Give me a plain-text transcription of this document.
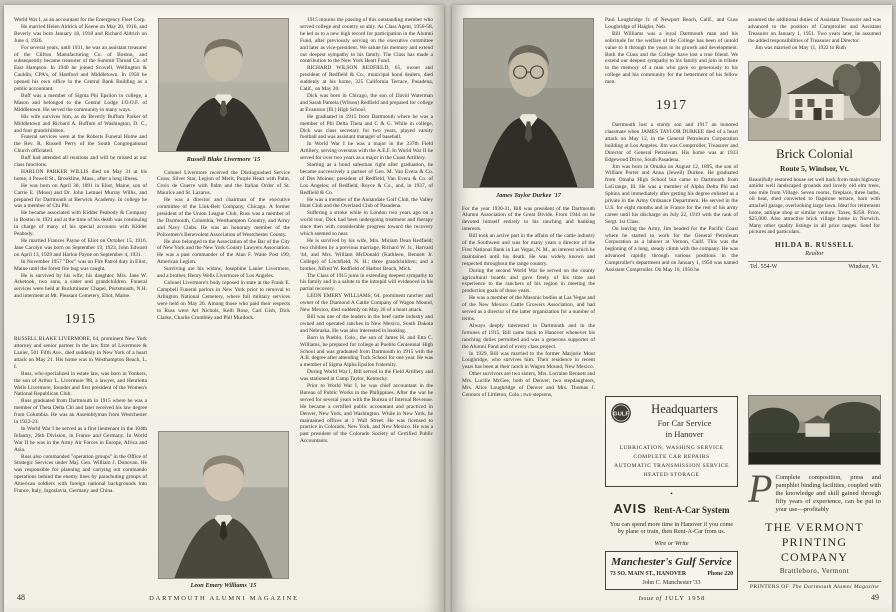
World War I, as an accountant for the Emergency Fleet Corp.

He married Helen Aldrich of Keene on May 20, 1916, and Beverly was born January 18, 1918 and Richard Aldrich on June 4, 1926.

For several years, until 1931, he was an assistant treasurer of the Clifton Manufacturing Co. of Boston, and subsequently became treasurer of the Summit Thread Co. of East Hampton. In 1940 he joined Scovell, Wellington & Cauldin, CPA's, of Hartford and Middletown. In 1950 he opened his own office in the Central Bank Building as a public accountant.

Buff was a member of Sigma Phi Epsilon in college, a Mason and belonged to the Central Lodge I.O.O.F. of Middletown. He served the community in many ways.

His wife survives him, as do Beverly Buffum Parker of Middletown and Richard A. Buffum of Washington, D. C., and four grandchildren.

Funeral services were at the Roberts Funeral Home and the Rev. R. Russell Perry of the South Congregational Church officiated.

Buff had attended all reunions and will be missed at our class functions.

HARLON PARKER WILLIS died on May 31 at his home, 4 Powell St., Brookline, Mass., after a long illness.

He was born on April 30, 1891 in Eliot, Maine, son of Carrie E. (Moss) and Dr. John Lemuel Murray Willis, and prepared for Dartmouth at Berwick Academy. In college he was a member of Chi Phi.

He became associated with Kidder Peabody & Company in Boston in 1921 and at the time of his death was continuing in charge of many of his special accounts with Kidder Peabody.

He married Frances Payne of Eliot on October 15, 1916. Jane Carolyn was born on September 13, 1923, John Edward on April 13, 1929 and Harlon Payne on September 4, 1931.

In November 1957 "Doc" was on Fire Patrol duty in Eliot, Maine until the forest fire bug was caught.

He is survived by his wife; his daughter, Mrs. Jane W. Arketook, two sons, a sister and grandchildren. Funeral services were held at Buckminster Chapel, Portsmouth, N.H. and interment at Mt. Pleasant Cemetery, Eliot, Maine.

1915

RUSSELL BLAKE LIVERMORE, 64, prominent New York attorney and senior partner in the law firm of Livermore & Lanier, 501 Fifth Ave., died suddenly in New York of a heart attack on May 21. His home was in Westhampton Beach, L. I.

Russ, who specialized in estate law, was born in Yonkers, the son of Arthur L. Livermore '88, a lawyer, and Henrietta Wells Livermore, founder and first president of the Women's National Republican Club.

Russ graduated from Dartmouth in 1915 where he was a member of Theta Delta Chi and later received his law degree from Columbia. He was an Assemblyman from Westchester in 1922-23.

In World War I he served as a first lieutenant in the 104th Infantry, 26th Division, in France and Germany. In World War II he was in the Army Air Forces in Europe, Africa and Asia.

Russ also commanded "operation groups" in the Office of Strategic Services under Maj. Gen. William J. Donovan. He was responsible for planning and carrying out commando operations behind the enemy lines by parachuting groups of American soldiers with foreign national backgrounds into France, Italy, Jugoslavia, Germany and China.

Russell Blake Livermore '15

Colonel Livermore received the Distinguished Service Cross, Silver Star, Legion of Merit, Purple Heart with Palm, Croix de Guerre with Palm and the Italian Order of St. Maurice and St. Lazarus.

He was a director and chairman of the executive committee of the Link-Belt Company, Chicago. A former president of the Union League Club, Russ was a member of the Dartmouth, Columbia, Westhampton Country, and Army and Navy Clubs. He was an honorary member of the Policemen's Benevolent Association of Westchester County.

He also belonged to the Association of the Bar of the City of New York and the New York County Lawyers Association. He was a past commander of the Alan F. Waite Post 199, American Legion.

Surviving are his widow, Josephine Lanier Livermore, and a brother, Henry Wells Livermore of Los Angeles.

Colonel Livermore's body reposed in state at the Frank E. Campbell Funeral parlors in New York prior to removal to Arlington National Cemetery, where full military services were held on May 26. Among those who paid their respects to Russ were Art Nichols, Kelli Rose, Carl Gish, Dick Clarke, Charlie Crombley and Phil Murdock.

Leon Emery Williams '15

1915 mourns the passing of this outstanding member who served college and country so ably. As Class Agent, 1956-58, he led us to a new high record for participation in the Alumni Fund, after previously serving on the executive committee and later as vice-president. We salute his memory and extend our deepest sympathy to his family. The Class has made a contribution to the New York Heart Fund.

RICHARD WILSON REDFIELD, 65, owner and president of Redfield & Co., municipal bond dealers, died suddenly at his home, 325 California Terrace, Pasadena, Calif., on May 20.

Dick was born in Chicago, the son of David Waterman and Sarah Pamela (Wilson) Redfield and prepared for college at Evanston (Ill.) High School.

He graduated in 1915 from Dartmouth where he was a member of Phi Delta Theta and C & G. While in college, Dick was class secretary for two years, played varsity football and was assistant manager of baseball.

In World War I he was a major in the 337th Field Artillery, serving overseas with the A.E.F. In World War II he served for over two years as a major in the Coast Artillery.

Starting as a bond salesman right after graduation, he became successively a partner of Geo. M. Van Evera & Co. of Des Moines; president of Redfield, Van Evera & Co. of Los Angeles; of Redfield, Royce & Co., and, in 1937, of Redfield & Co.

He was a member of the Annandale Golf Club, the Valley Hunt Club and the Overland Club of Pasadena.

Suffering a stroke while in London two years ago on a world tour, Dick had been undergoing treatment and therapy since then with considerable progress toward the recovery which seemed so near.

He is survived by his wife, Mrs. Miriam Dean Redfield; two children by a previous marriage, Richard W. Jr., Harvard '44, and Mrs. William McDonald (Kathleen, Bennett Jr. College) of Litchfield, N. H.; three grandchildren; and a brother, Alfred W. Redfield of Harbor Beach, Mich.

The Class of 1915 joins in extending deepest sympathy to his family and in a salute to the intrepid will evidenced in his partial recovery.

LEON EMERY WILLIAMS, 64, prominent rancher and owner of the Diamond A Cattle Company of Wagon Mound, New Mexico, died suddenly on May 26 of a heart attack.

Bill was one of the leaders in the beef cattle industry and owned and operated ranches in New Mexico, South Dakota and Nebraska. He was also interested in banking.

Born in Pueblo, Colo., the son of James H. and Etta C. Williams, he prepared for college at Pueblo Centennial High School and was graduated from Dartmouth in 1915 with the A.B. degree after attending Tuck School for one year. He was a member of Sigma Alpha Epsilon fraternity.

During World War I, Bill served in the Field Artillery and was stationed at Camp Taylor, Kentucky.

Prior to World War I, he was chief accountant in the Bureau of Public Works in the Philippines. After the war he served for several years with the Bureau of Internal Revenue. He became a certified public accountant and practiced in Denver, New York, and Washington. While in New York, he maintained offices at 1 Wall Street. He was licensed to practice in Colorado, New York, and New Mexico. He was a past president of the Colorado Society of Certified Public Accountants.

48	DARTMOUTH ALUMNI MAGAZINE
James Taylor Durkee '17

For the year 1930-31, Bill was president of the Dartmouth Alumni Association of the Great Divide. From 1944 on he devoted himself entirely to his ranching and banking interests.

Bill took an active part in the affairs of the cattle industry of the Southwest and was for many years a director of the First National Bank in Las Vegas, N. M., an interest which he maintained until his death. He was widely known and respected throughout the range country.

During the second World War he served on the county agricultural boards and gave freely of his time and experience to the ranchers of his region in meeting the production goals of those years.

He was a member of the Masonic bodies at Las Vegas and of the New Mexico Cattle Growers Association, and had served as a director of the latter organization for a number of terms.

Always deeply interested in Dartmouth and in the fortunes of 1915, Bill came back to Hanover whenever his ranching duties permitted and was a generous supporter of the Alumni Fund and of every class project.

In 1929, Bill was married to the former Marjorie Mout Loughridge, who survives him. Their residence in recent years has been at their ranch in Wagon Mound, New Mexico.

Other survivors are two sisters, Mrs. Lorraine Bennett and Mrs. Lucille McGee, both of Denver; two stepdaughters, Mrs. Alice Loughridge of Denver and Mrs. Thomas J. Connors of Littleton, Colo.; two stepsons,

Paul Loughridge Jr. of Newport Beach, Calif., and Guss Loughridge of Haigler, Neb.

Bill Williams was a loyal Dartmouth man and his solicitude for the welfare of the College has been of untold value to it through the years in its growth and development. Both the Class and the College have lost a true friend. We extend our deepest sympathy to his family and join in tribute to the memory of a man who gave so generously to his college and his community for the betterment of his fellow men.

1917

Dartmouth lost a sturdy son and 1917 an honored classmate when JAMES TAYLOR DURKEE died of a heart attack on May 12, in the General Petroleum Corporation building at Los Angeles. Jim was Comptroller, Treasurer and Director of General Petroleum. His home was at 1933 Edgewood Drive, South Pasadena.

Jim was born in Omaha on August 12, 1895, the son of William Porter and Anna (Jewell) Durkee. He graduated from Omaha High School but came to Dartmouth from LaGrange, Ill. He was a member of Alpha Delta Phi and Sphinx and immediately after getting his degree enlisted as a private in the Army Ordnance Department. He served in the U.S. for eight months and in France for the rest of his army career until his discharge on July 22, 1919 with the rank of Sergt. 1st Class.

On leaving the Army, Jim headed for the Pacific Coast where he started to work for the General Petroleum Corporation as a laborer at Vernon, Calif. This was the beginning of a long, steady climb with the company. He was advanced rapidly through various positions in the Comptroller's department and on January 1, 1950 was named Assistant Comptroller. On May 16, 1956 he

GULF	Headquarters
For Car Service
in Hanover

LUBRICATION, WASHING SERVICE

COMPLETE CAR REPAIRS

AUTOMATIC TRANSMISSION SERVICE

HEATED STORAGE

•
AVIS Rent-A-Car System

You can spend more time in Hanover if you come by plane or train, then Rent-A-Car from us.

Wire or Write
Manchester's Gulf Service
73 SO. MAIN ST., HANOVER	Phone 220
John C. Manchester '33

assumed the additional duties of Assistant Treasurer and was advanced to the position of Comptroller and Assistant Treasurer on January 1, 1951. Two years later, he assumed the added responsibilities of Treasurer and Director.

Jim was married on May 11, 1922 to Ruth

Brick Colonial
Route 5, Windsor, Vt.

Beautifully restored house set well back from main highway amidst well landscaped grounds and lovely old elm trees, one mile from Village. Seven rooms, fireplace, three baths, oil heat, shed converted to flagstone terrace, barn with attached garage, overlooking large lawn. Ideal for retirement home, antique shop or similar venture. Taxes, $258. Price, $25,000. Also attractive brick village home in Norwich. Many other quality listings in all price ranges. Send for pictures and particulars.

HILDA B. RUSSELL
Realtor
Tel. 554-W	Windsor, Vt.
P Complete composition, press and pamphlet binding facilities, coupled with the knowledge and skill gained through fifty years of experience, can be put to your use—profitably

THE VERMONT
PRINTING COMPANY
Brattleboro, Vermont
PRINTERS OF The Dartmouth Alumni Magazine
Issue of JULY 1958	49
